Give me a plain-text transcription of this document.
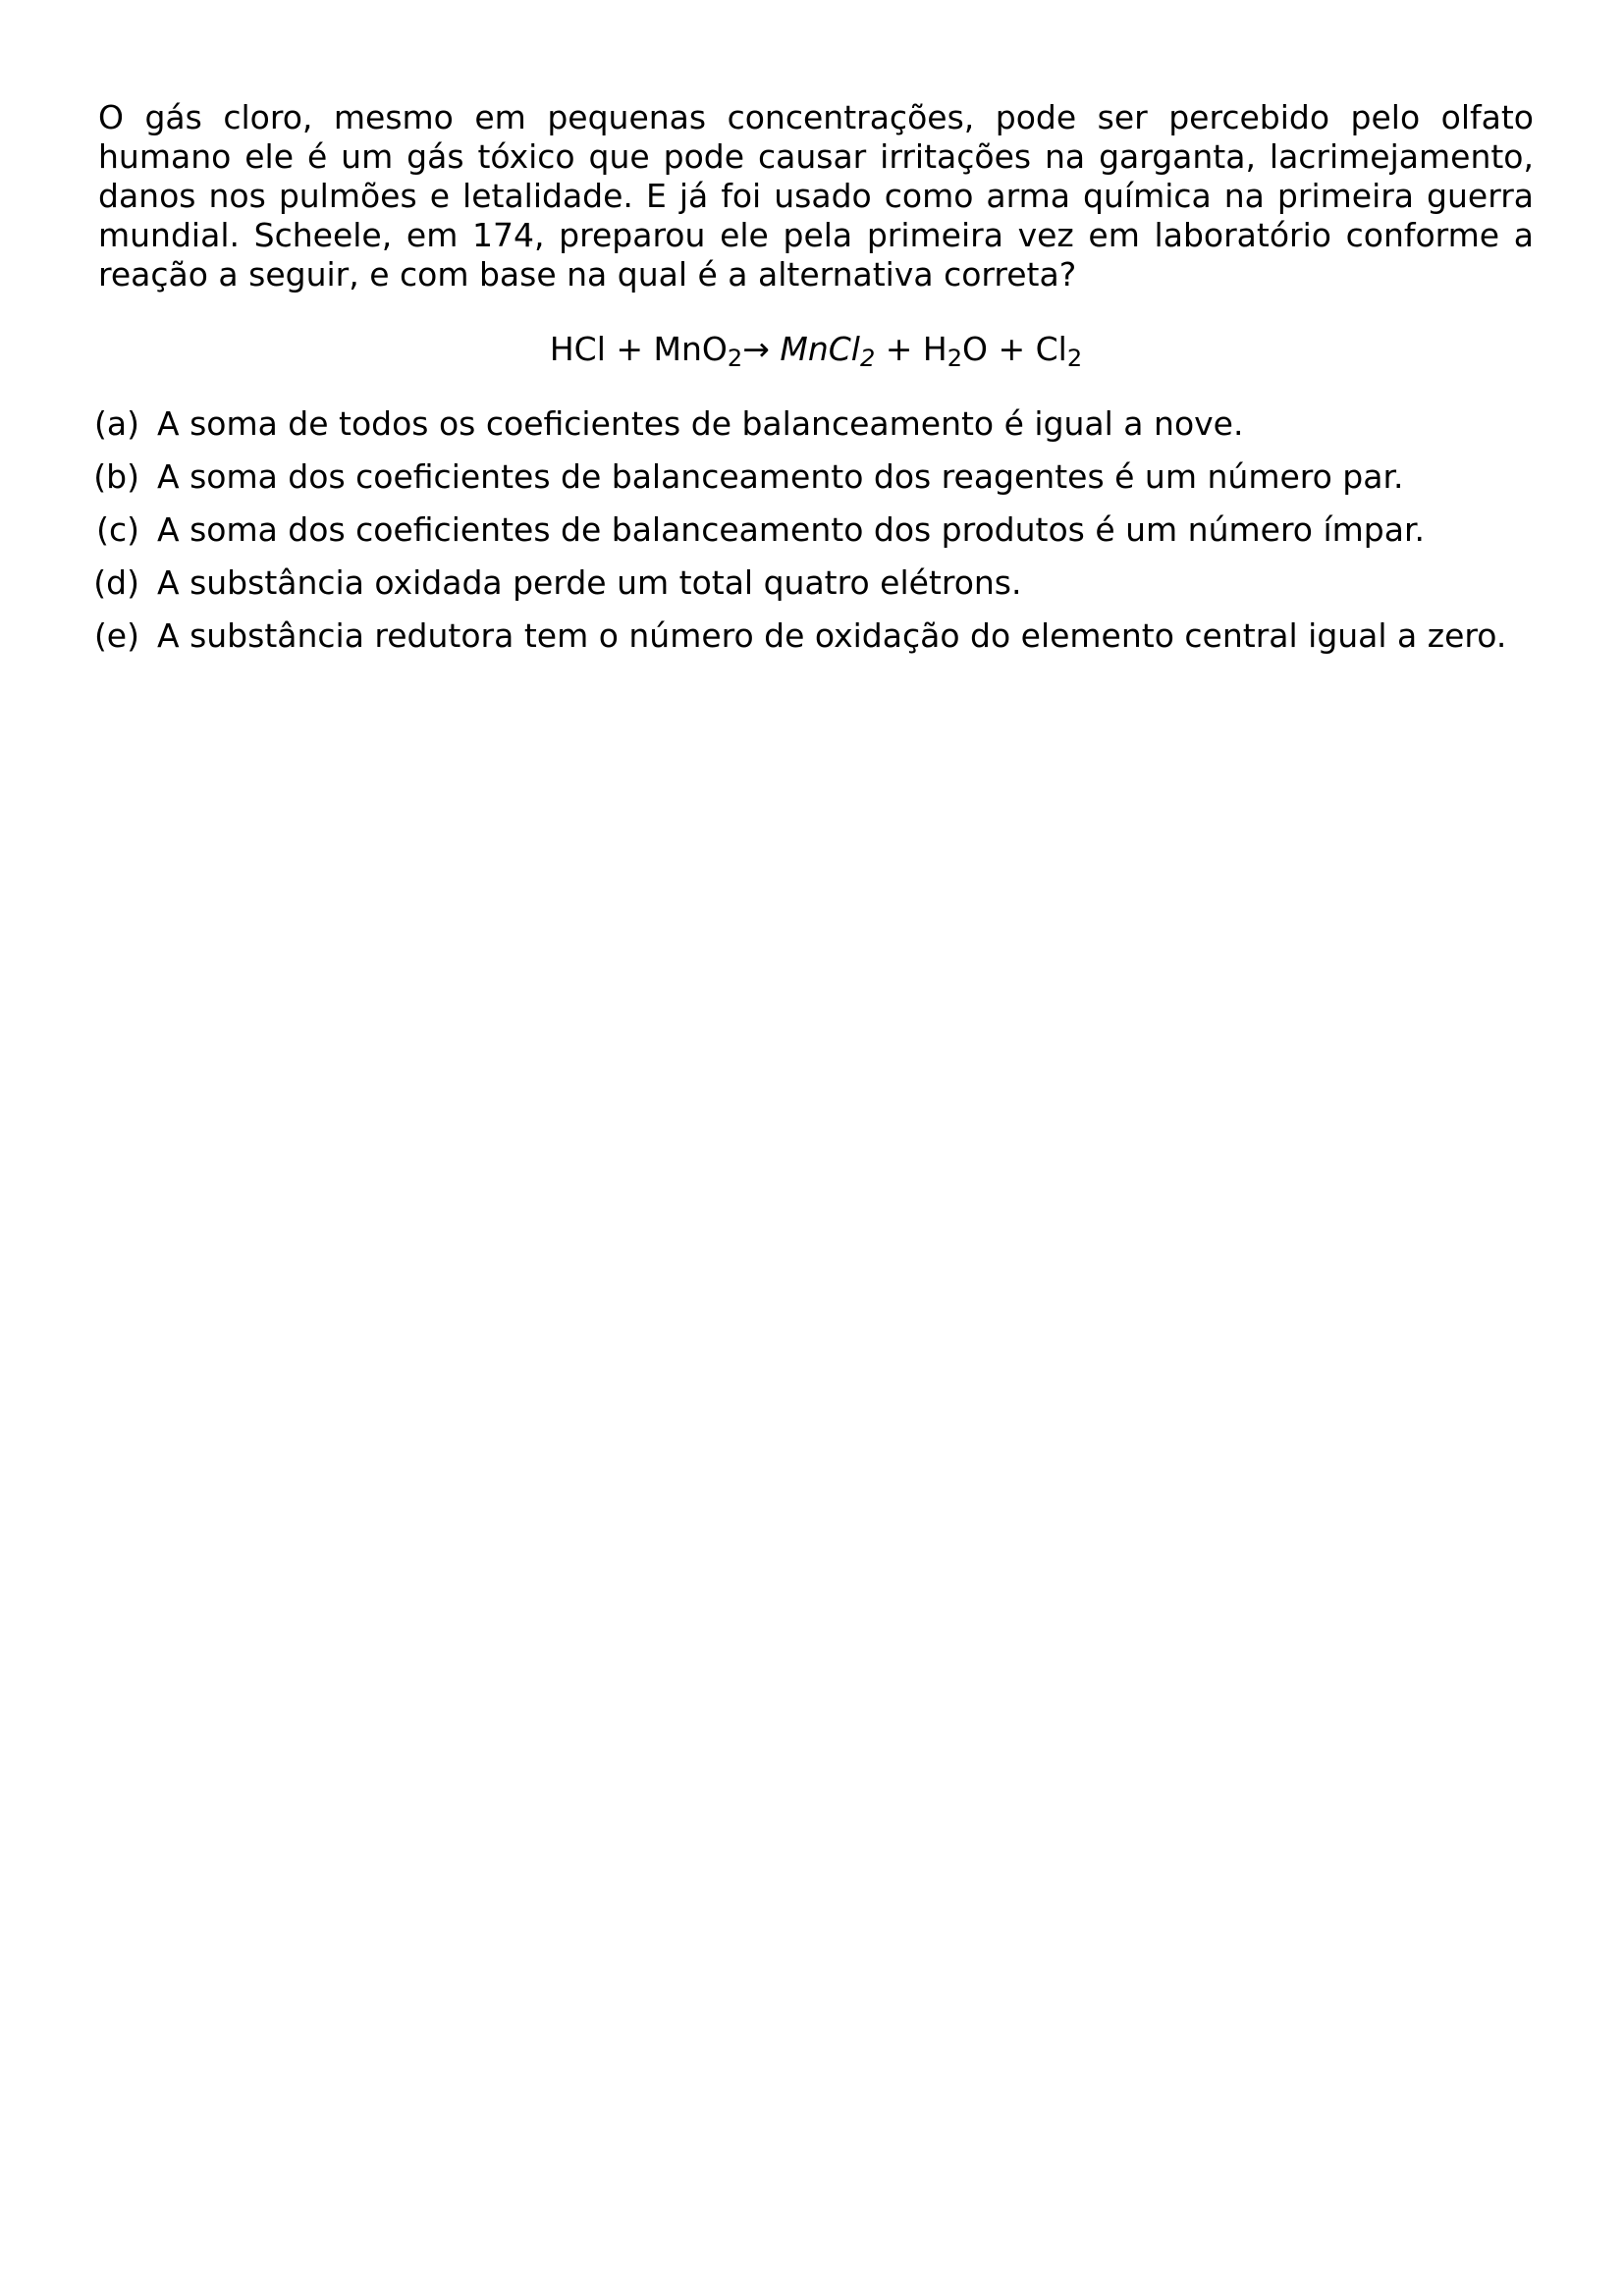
O gás cloro, mesmo em pequenas concentrações, pode ser percebido pelo olfato humano ele é um gás tóxico que pode causar irritações na garganta, lacrimejamento, danos nos pulmões e letalidade. E já foi usado como arma química na primeira guerra mundial. Scheele, em 174, preparou ele pela primeira vez em laboratório conforme a reação a seguir, e com base na qual é a alternativa correta?

HCl + MnO$_2$→ MnCl$_2$ + $H_2O + Cl_2$
(a) A soma de todos os coeficientes de balanceamento é igual a nove.
(b) A soma dos coeficientes de balanceamento dos reagentes é um número par.
(c) A soma dos coeficientes de balanceamento dos produtos é um número ímpar.
(d) A substância oxidada perde um total quatro elétrons.
(e) A substância redutora tem o número de oxidação do elemento central igual a zero.
